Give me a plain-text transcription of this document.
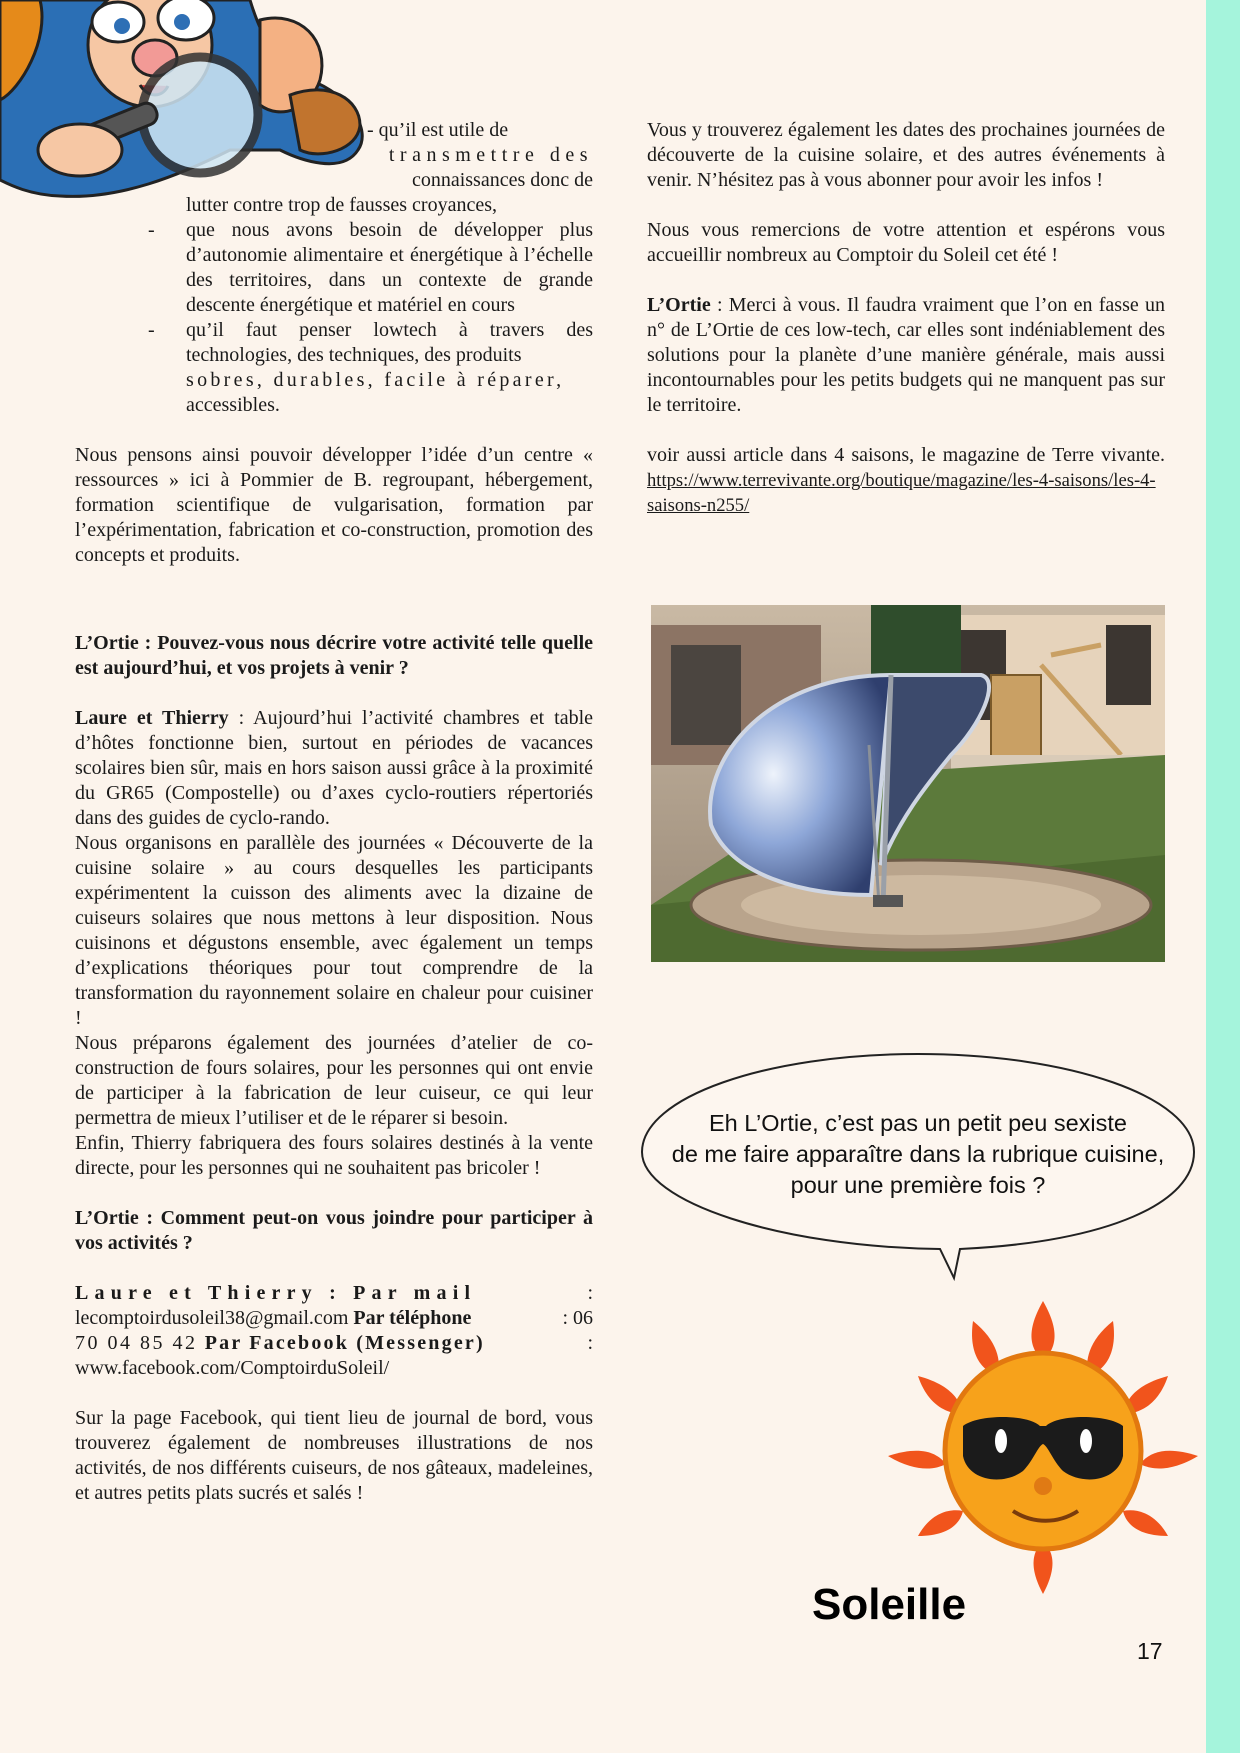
- qu’il est utile de

transmettre des

connaissances donc de

lutter contre trop de fausses croyances,

- que nous avons besoin de développer plus d’autonomie alimentaire et énergétique à l’échelle des territoires, dans un contexte de grande descente énergétique et matériel en cours

- qu’il faut penser lowtech à travers des technologies, des techniques, des produits

sobres, durables, facile à réparer,

accessibles.

Nous pensons ainsi pouvoir développer l’idée d’un centre « ressources » ici à Pommier de B. regroupant, hébergement, formation scientifique de vulgarisation, formation par l’expérimentation, fabrication et co-construction, promotion des concepts et produits.

L’Ortie : Pouvez-vous nous décrire votre activité telle quelle est aujourd’hui, et vos projets à venir ?

Laure et Thierry : Aujourd’hui l’activité chambres et table d’hôtes fonctionne bien, surtout en périodes de vacances scolaires bien sûr, mais en hors saison aussi grâce à la proximité du GR65 (Compostelle) ou d’axes cyclo-routiers répertoriés dans des guides de cyclo-rando.

Nous organisons en parallèle des journées « Découverte de la cuisine solaire » au cours desquelles les participants expérimentent la cuisson des aliments avec la dizaine de cuiseurs solaires que nous mettons à leur disposition. Nous cuisinons et dégustons ensemble, avec également un temps d’explications théoriques pour tout comprendre de la transformation du rayonnement solaire en chaleur pour cuisiner !

Nous préparons également des journées d’atelier de co-construction de fours solaires, pour les personnes qui ont envie de participer à la fabrication de leur cuiseur, ce qui leur permettra de mieux l’utiliser et de le réparer si besoin.

Enfin, Thierry fabriquera des fours solaires destinés à la vente directe, pour les personnes qui ne souhaitent pas bricoler !

L’Ortie : Comment peut-on vous joindre pour participer à vos activités ?

Laure et Thierry : Par mail	:

lecomptoirdusoleil38@gmail.com Par téléphone	: 06

70 04 85 42 Par Facebook (Messenger)	:

www.facebook.com/ComptoirduSoleil/

Sur la page Facebook, qui tient lieu de journal de bord, vous trouverez également de nombreuses illustrations de nos activités, de nos différents cuiseurs, de nos gâteaux, madeleines, et autres petits plats sucrés et salés !

Vous y trouverez également les dates des prochaines journées de découverte de la cuisine solaire, et des autres événements à venir. N’hésitez pas à vous abonner pour avoir les infos !

Nous vous remercions de votre attention et espérons vous accueillir nombreux au Comptoir du Soleil cet été !

L’Ortie : Merci à vous. Il faudra vraiment que l’on en fasse un n° de L’Ortie de ces low-tech, car elles sont indéniablement des solutions pour la planète d’une manière générale, mais aussi incontournables pour les petits budgets qui ne manquent pas sur le territoire.

voir aussi article dans 4 saisons, le magazine de Terre vivante. https://www.terrevivante.org/boutique/magazine/les-4-saisons/les-4-saisons-n255/

Eh L’Ortie, c’est pas un petit peu sexiste
de me faire apparaître dans la rubrique cuisine,
pour une première fois ?
Soleille
17
